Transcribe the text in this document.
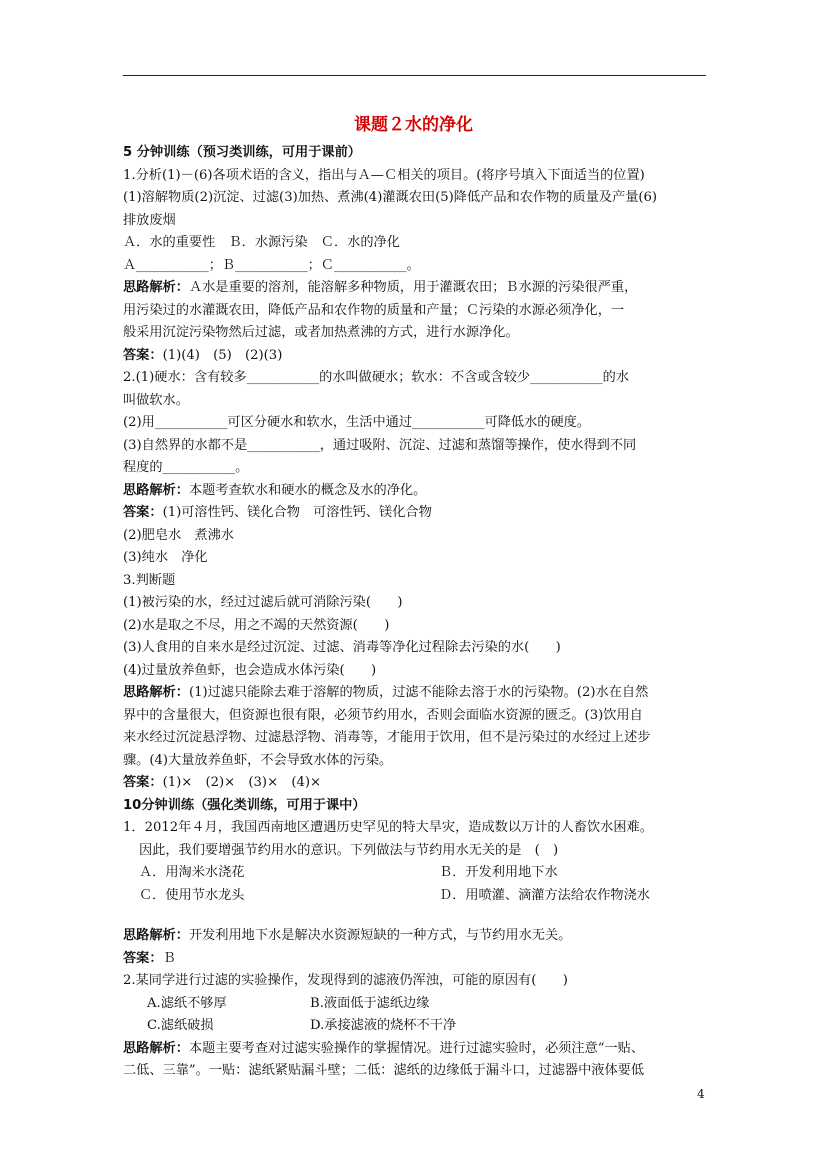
课题２水的净化
5 分钟训练（预习类训练，可用于课前）
1.分析(1)－(6)各项术语的含义，指出与Ａ—Ｃ相关的项目。(将序号填入下面适当的位置)
(1)溶解物质(2)沉淀、过滤(3)加热、煮沸(4)灌溉农田(5)降低产品和农作物的质量及产量(6)
排放废烟
Ａ．水的重要性　Ｂ．水源污染　Ｃ．水的净化
Ａ___________；Ｂ___________；Ｃ___________。
思路解析：Ａ水是重要的溶剂，能溶解多种物质，用于灌溉农田；Ｂ水源的污染很严重，
用污染过的水灌溉农田，降低产品和农作物的质量和产量；Ｃ污染的水源必须净化，一
般采用沉淀污染物然后过滤，或者加热煮沸的方式，进行水源净化。
答案：(1)(4)　(5)　(2)(3)
2.(1)硬水：含有较多___________的水叫做硬水；软水：不含或含较少___________的水
叫做软水。
(2)用___________可区分硬水和软水，生活中通过___________可降低水的硬度。
(3)自然界的水都不是___________，通过吸附、沉淀、过滤和蒸馏等操作，使水得到不同
程度的___________。
思路解析：本题考查软水和硬水的概念及水的净化。
答案：(1)可溶性钙、镁化合物　可溶性钙、镁化合物
(2)肥皂水　煮沸水
(3)纯水　净化
3.判断题
(1)被污染的水，经过过滤后就可消除污染(　　)
(2)水是取之不尽，用之不竭的天然资源(　　)
(3)人食用的自来水是经过沉淀、过滤、消毒等净化过程除去污染的水(　　)
(4)过量放养鱼虾，也会造成水体污染(　　)
思路解析：(1)过滤只能除去难于溶解的物质，过滤不能除去溶于水的污染物。(2)水在自然
界中的含量很大，但资源也很有限，必须节约用水，否则会面临水资源的匮乏。(3)饮用自
来水经过沉淀悬浮物、过滤悬浮物、消毒等，才能用于饮用，但不是污染过的水经过上述步
骤。(4)大量放养鱼虾，不会导致水体的污染。
答案：(1)×　(2)×　(3)×　(4)×
10分钟训练（强化类训练，可用于课中）
1．2012年４月，我国西南地区遭遇历史罕见的特大旱灾，造成数以万计的人畜饮水困难。
因此，我们要增强节约用水的意识。下列做法与节约用水无关的是　(　)
Ａ．用淘米水浇花	Ｂ．开发利用地下水
Ｃ．使用节水龙头	Ｄ．用喷灌、滴灌方法给农作物浇水
思路解析：开发利用地下水是解决水资源短缺的一种方式，与节约用水无关。
答案：Ｂ
2.某同学进行过滤的实验操作，发现得到的滤液仍浑浊，可能的原因有(　　)
A.滤纸不够厚	B.液面低于滤纸边缘
C.滤纸破损	D.承接滤液的烧杯不干净
思路解析：本题主要考查对过滤实验操作的掌握情况。进行过滤实验时，必须注意“一贴、
二低、三靠”。一贴：滤纸紧贴漏斗壁；二低：滤纸的边缘低于漏斗口，过滤器中液体要低
4
